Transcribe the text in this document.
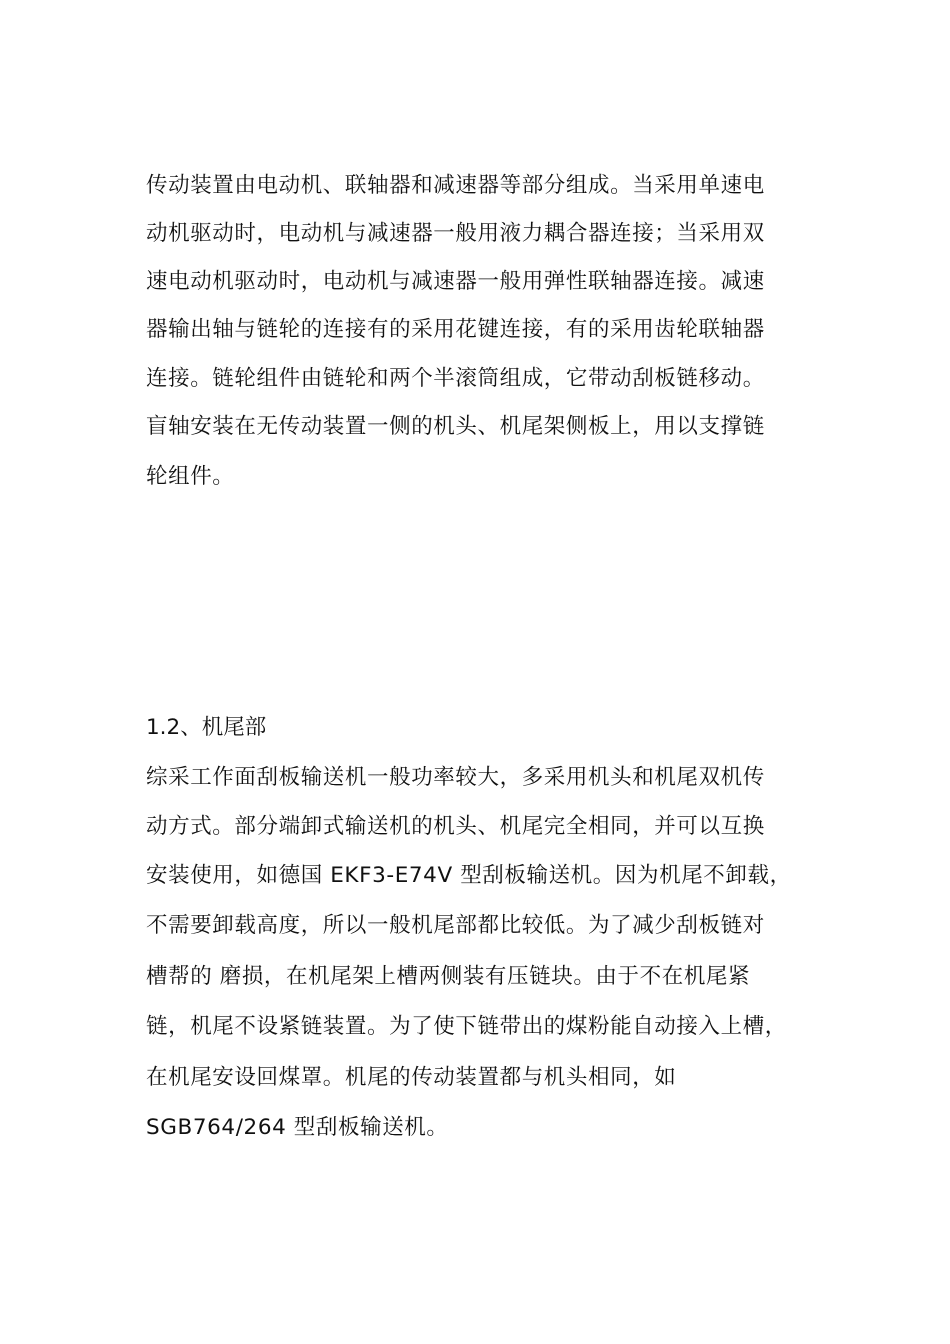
传动装置由电动机、联轴器和减速器等部分组成。当采用单速电
动机驱动时，电动机与减速器一般用液力耦合器连接；当采用双
速电动机驱动时，电动机与减速器一般用弹性联轴器连接。减速
器输出轴与链轮的连接有的采用花键连接，有的采用齿轮联轴器
连接。链轮组件由链轮和两个半滚筒组成，它带动刮板链移动。
盲轴安装在无传动装置一侧的机头、机尾架侧板上，用以支撑链
轮组件。
1.2、机尾部
综采工作面刮板输送机一般功率较大，多采用机头和机尾双机传
动方式。部分端卸式输送机的机头、机尾完全相同，并可以互换
安装使用，如德国 EKF3-E74V 型刮板输送机。因为机尾不卸载，
不需要卸载高度，所以一般机尾部都比较低。为了减少刮板链对
槽帮的 磨损，在机尾架上槽两侧装有压链块。由于不在机尾紧
链，机尾不设紧链装置。为了使下链带出的煤粉能自动接入上槽，
在机尾安设回煤罩。机尾的传动装置都与机头相同，如
SGB764/264 型刮板输送机。
